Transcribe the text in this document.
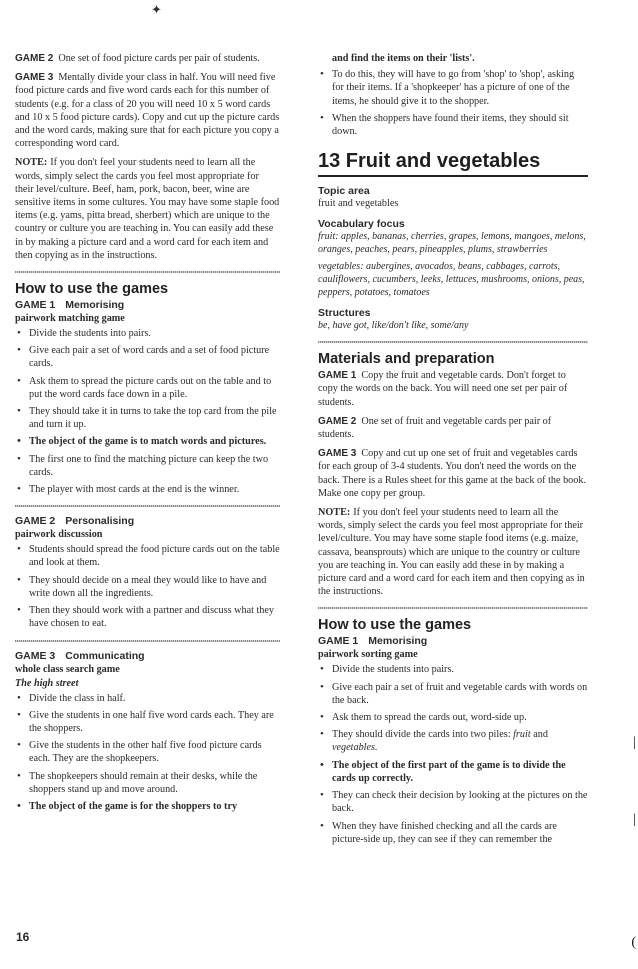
✦

GAME 2 One set of food picture cards per pair of students.

GAME 3 Mentally divide your class in half. You will need five food picture cards and five word cards each for this number of students (e.g. for a class of 20 you will need 10 x 5 word cards and 10 x 5 food picture cards). Copy and cut up the picture cards and the word cards, making sure that for each picture you copy a corresponding word card.

NOTE: If you don't feel your students need to learn all the words, simply select the cards you feel most appropriate for their level/culture. Beef, ham, pork, bacon, beer, wine are sensitive items in some cultures. You may have some staple food items (e.g. yams, pitta bread, sherbert) which are unique to the country or culture you are teaching in. You can easily add these in by making a picture card and a word card for each item and then copying as in the instructions.

How to use the games
GAME 1 Memorising
pairwork matching game
• Divide the students into pairs.
• Give each pair a set of word cards and a set of food picture cards.
• Ask them to spread the picture cards out on the table and to put the word cards face down in a pile.
• They should take it in turns to take the top card from the pile and turn it up.
• The object of the game is to match words and pictures.
• The first one to find the matching picture can keep the two cards.
• The player with most cards at the end is the winner.
GAME 2 Personalising
pairwork discussion
• Students should spread the food picture cards out on the table and look at them.
• They should decide on a meal they would like to have and write down all the ingredients.
• Then they should work with a partner and discuss what they have chosen to eat.
GAME 3 Communicating
whole class search game
The high street
• Divide the class in half.
• Give the students in one half five word cards each. They are the shoppers.
• Give the students in the other half five food picture cards each. They are the shopkeepers.
• The shopkeepers should remain at their desks, while the shoppers stand up and move around.
• The object of the game is for the shoppers to try

and find the items on their 'lists'.

• To do this, they will have to go from 'shop' to 'shop', asking for their items. If a 'shopkeeper' has a picture of one of the items, he should give it to the shopper.
• When the shoppers have found their items, they should sit down.
13 Fruit and vegetables
Topic area
fruit and vegetables
Vocabulary focus
fruit: apples, bananas, cherries, grapes, lemons, mangoes, melons, oranges, peaches, pears, pineapples, plums, strawberries
vegetables: aubergines, avocados, beans, cabbages, carrots, cauliflowers, cucumbers, leeks, lettuces, mushrooms, onions, peas, peppers, potatoes, tomatoes
Structures
be, have got, like/don't like, some/any
Materials and preparation

GAME 1 Copy the fruit and vegetable cards. Don't forget to copy the words on the back. You will need one set per pair of students.

GAME 2 One set of fruit and vegetable cards per pair of students.

GAME 3 Copy and cut up one set of fruit and vegetables cards for each group of 3-4 students. You don't need the words on the back. There is a Rules sheet for this game at the back of the book. Make one copy per group.

NOTE: If you don't feel your students need to learn all the words, simply select the cards you feel most appropriate for their level/culture. You may have some staple food items (e.g. maize, cassava, beansprouts) which are unique to the country or culture you are teaching in. You can easily add these in by making a picture card and a word card for each item and then copying as in the instructions.

How to use the games
GAME 1 Memorising
pairwork sorting game
• Divide the students into pairs.
• Give each pair a set of fruit and vegetable cards with words on the back.
• Ask them to spread the cards out, word-side up.
• They should divide the cards into two piles: fruit and vegetables.
• The object of the first part of the game is to divide the cards up correctly.
• They can check their decision by looking at the pictures on the back.
• When they have finished checking and all the cards are picture-side up, they can see if they can remember the
16
|
|
(
